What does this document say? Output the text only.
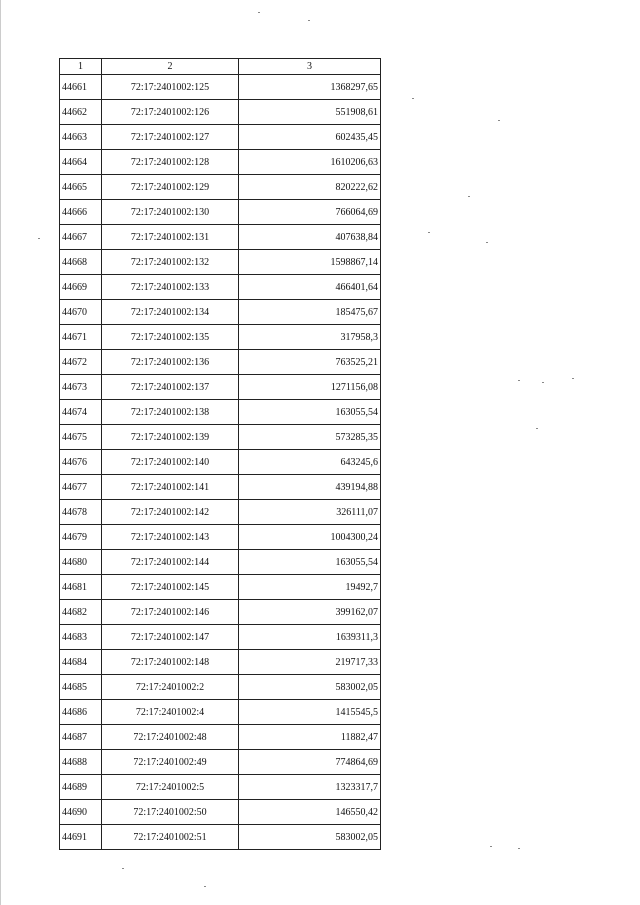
1	2	3
44661	72:17:2401002:125	1368297,65
44662	72:17:2401002:126	551908,61
44663	72:17:2401002:127	602435,45
44664	72:17:2401002:128	1610206,63
44665	72:17:2401002:129	820222,62
44666	72:17:2401002:130	766064,69
44667	72:17:2401002:131	407638,84
44668	72:17:2401002:132	1598867,14
44669	72:17:2401002:133	466401,64
44670	72:17:2401002:134	185475,67
44671	72:17:2401002:135	317958,3
44672	72:17:2401002:136	763525,21
44673	72:17:2401002:137	1271156,08
44674	72:17:2401002:138	163055,54
44675	72:17:2401002:139	573285,35
44676	72:17:2401002:140	643245,6
44677	72:17:2401002:141	439194,88
44678	72:17:2401002:142	326111,07
44679	72:17:2401002:143	1004300,24
44680	72:17:2401002:144	163055,54
44681	72:17:2401002:145	19492,7
44682	72:17:2401002:146	399162,07
44683	72:17:2401002:147	1639311,3
44684	72:17:2401002:148	219717,33
44685	72:17:2401002:2	583002,05
44686	72:17:2401002:4	1415545,5
44687	72:17:2401002:48	11882,47
44688	72:17:2401002:49	774864,69
44689	72:17:2401002:5	1323317,7
44690	72:17:2401002:50	146550,42
44691	72:17:2401002:51	583002,05
